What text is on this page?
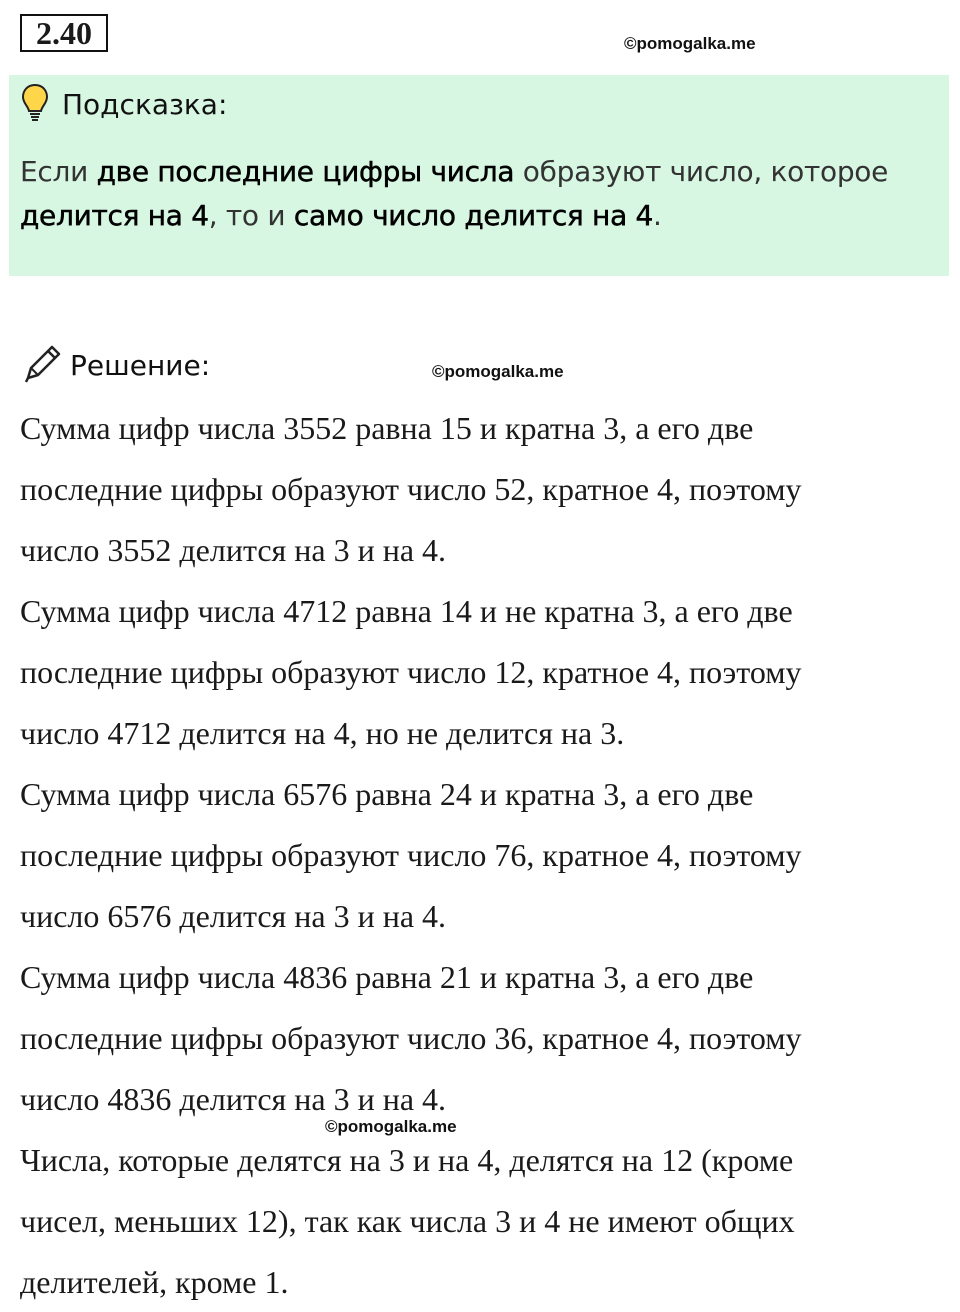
2.40	©pomogalka.me
Подсказка:
Если две последние цифры числа образуют число, которое делится на 4, то и само число делится на 4.
Решение:	©pomogalka.me
Сумма цифр числа 3552 равна 15 и кратна 3, а его две
последние цифры образуют число 52, кратное 4, поэтому
число 3552 делится на 3 и на 4.
Сумма цифр числа 4712 равна 14 и не кратна 3, а его две
последние цифры образуют число 12, кратное 4, поэтому
число 4712 делится на 4, но не делится на 3.
Сумма цифр числа 6576 равна 24 и кратна 3, а его две
последние цифры образуют число 76, кратное 4, поэтому
число 6576 делится на 3 и на 4.
Сумма цифр числа 4836 равна 21 и кратна 3, а его две
последние цифры образуют число 36, кратное 4, поэтому
число 4836 делится на 3 и на 4.
©pomogalka.me
Числа, которые делятся на 3 и на 4, делятся на 12 (кроме
чисел, меньших 12), так как числа 3 и 4 не имеют общих
делителей, кроме 1.
